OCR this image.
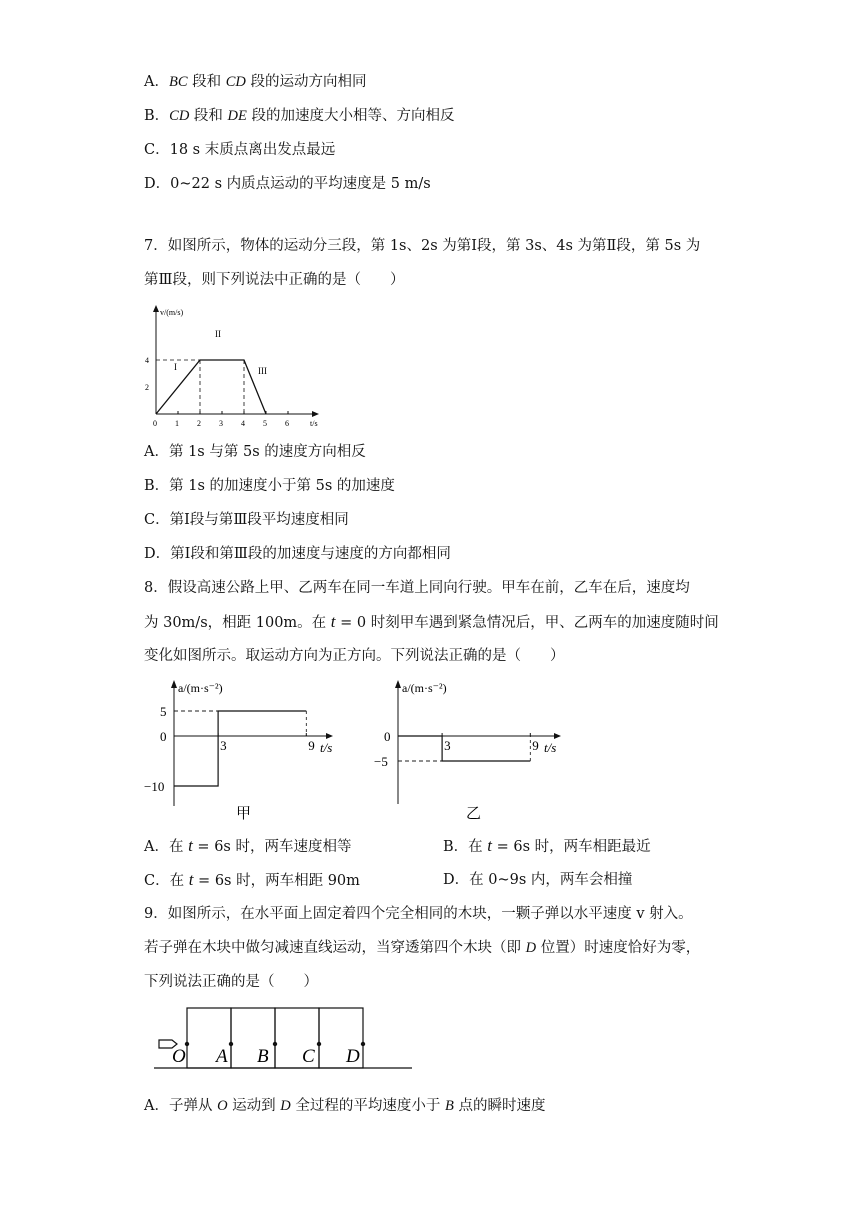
A．BC 段和 CD 段的运动方向相同
B．CD 段和 DE 段的加速度大小相等、方向相反
C．18 s 末质点离出发点最远
D．0~22 s 内质点运动的平均速度是 5 m/s
7．如图所示，物体的运动分三段，第 1s、2s 为第Ⅰ段，第 3s、4s 为第Ⅱ段，第 5s 为
第Ⅲ段，则下列说法中正确的是（　　）
v/(m/s)
t/s
0 1 2 3 4 5 6
2
4
I
II
III
A．第 1s 与第 5s 的速度方向相反
B．第 1s 的加速度小于第 5s 的加速度
C．第Ⅰ段与第Ⅲ段平均速度相同
D．第Ⅰ段和第Ⅲ段的加速度与速度的方向都相同
8．假设高速公路上甲、乙两车在同一车道上同向行驶。甲车在前，乙车在后，速度均
为 30m/s，相距 100m。在 t = 0 时刻甲车遇到紧急情况后，甲、乙两车的加速度随时间
变化如图所示。取运动方向为正方向。下列说法正确的是（　　）
a/(m·s⁻²)
t/s
3	9
5
0
−10
甲
a/(m·s⁻²)
t/s
3	9
0
−5
乙
A．在 t = 6s 时，两车速度相等	B．在 t = 6s 时，两车相距最近
C．在 t = 6s 时，两车相距 90m	D．在 0~9s 内，两车会相撞
9．如图所示，在水平面上固定着四个完全相同的木块，一颗子弹以水平速度 v 射入。
若子弹在木块中做匀减速直线运动，当穿透第四个木块（即 D 位置）时速度恰好为零，
下列说法正确的是（　　）
O A B C D
A．子弹从 O 运动到 D 全过程的平均速度小于 B 点的瞬时速度
